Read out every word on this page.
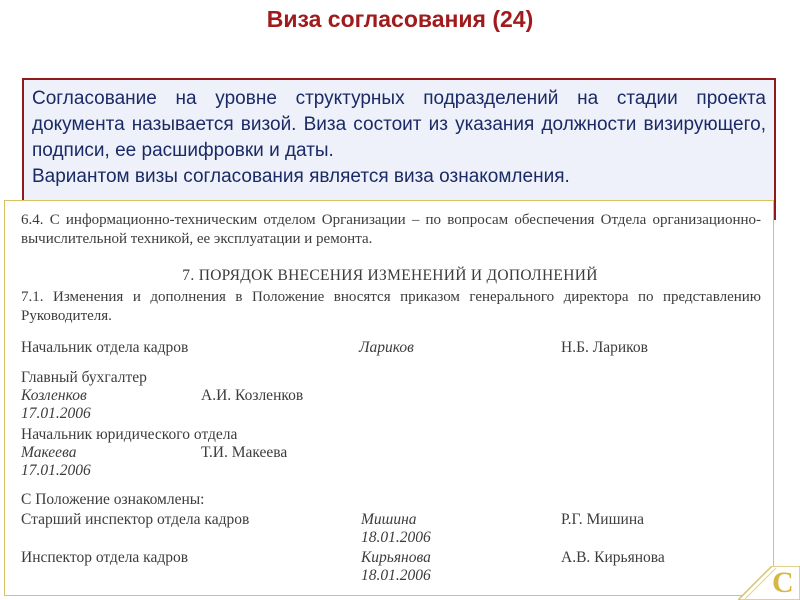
Виза согласования (24)
Согласование на уровне структурных подразделений на стадии проекта документа называется визой. Виза состоит из указания должности визирующего, подписи, ее расшифровки и даты.
Вариантом визы согласования является виза ознакомления.
6.4. С информационно-техническим отделом Организации – по вопросам обеспечения Отдела организационно-вычислительной техникой, ее эксплуатации и ремонта.
7. ПОРЯДОК ВНЕСЕНИЯ ИЗМЕНЕНИЙ И ДОПОЛНЕНИЙ
7.1. Изменения и дополнения в Положение вносятся приказом генерального директора по представлению Руководителя.
Начальник отдела кадров	Лариков	Н.Б. Лариков
Главный бухгалтер
Козленков	А.И. Козленков
17.01.2006
Начальник юридического отдела
Макеева	Т.И. Макеева
17.01.2006
С Положение ознакомлены:
Старший инспектор отдела кадров	Мишина	Р.Г. Мишина
18.01.2006
Инспектор отдела кадров	Кирьянова	А.В. Кирьянова
18.01.2006	С
